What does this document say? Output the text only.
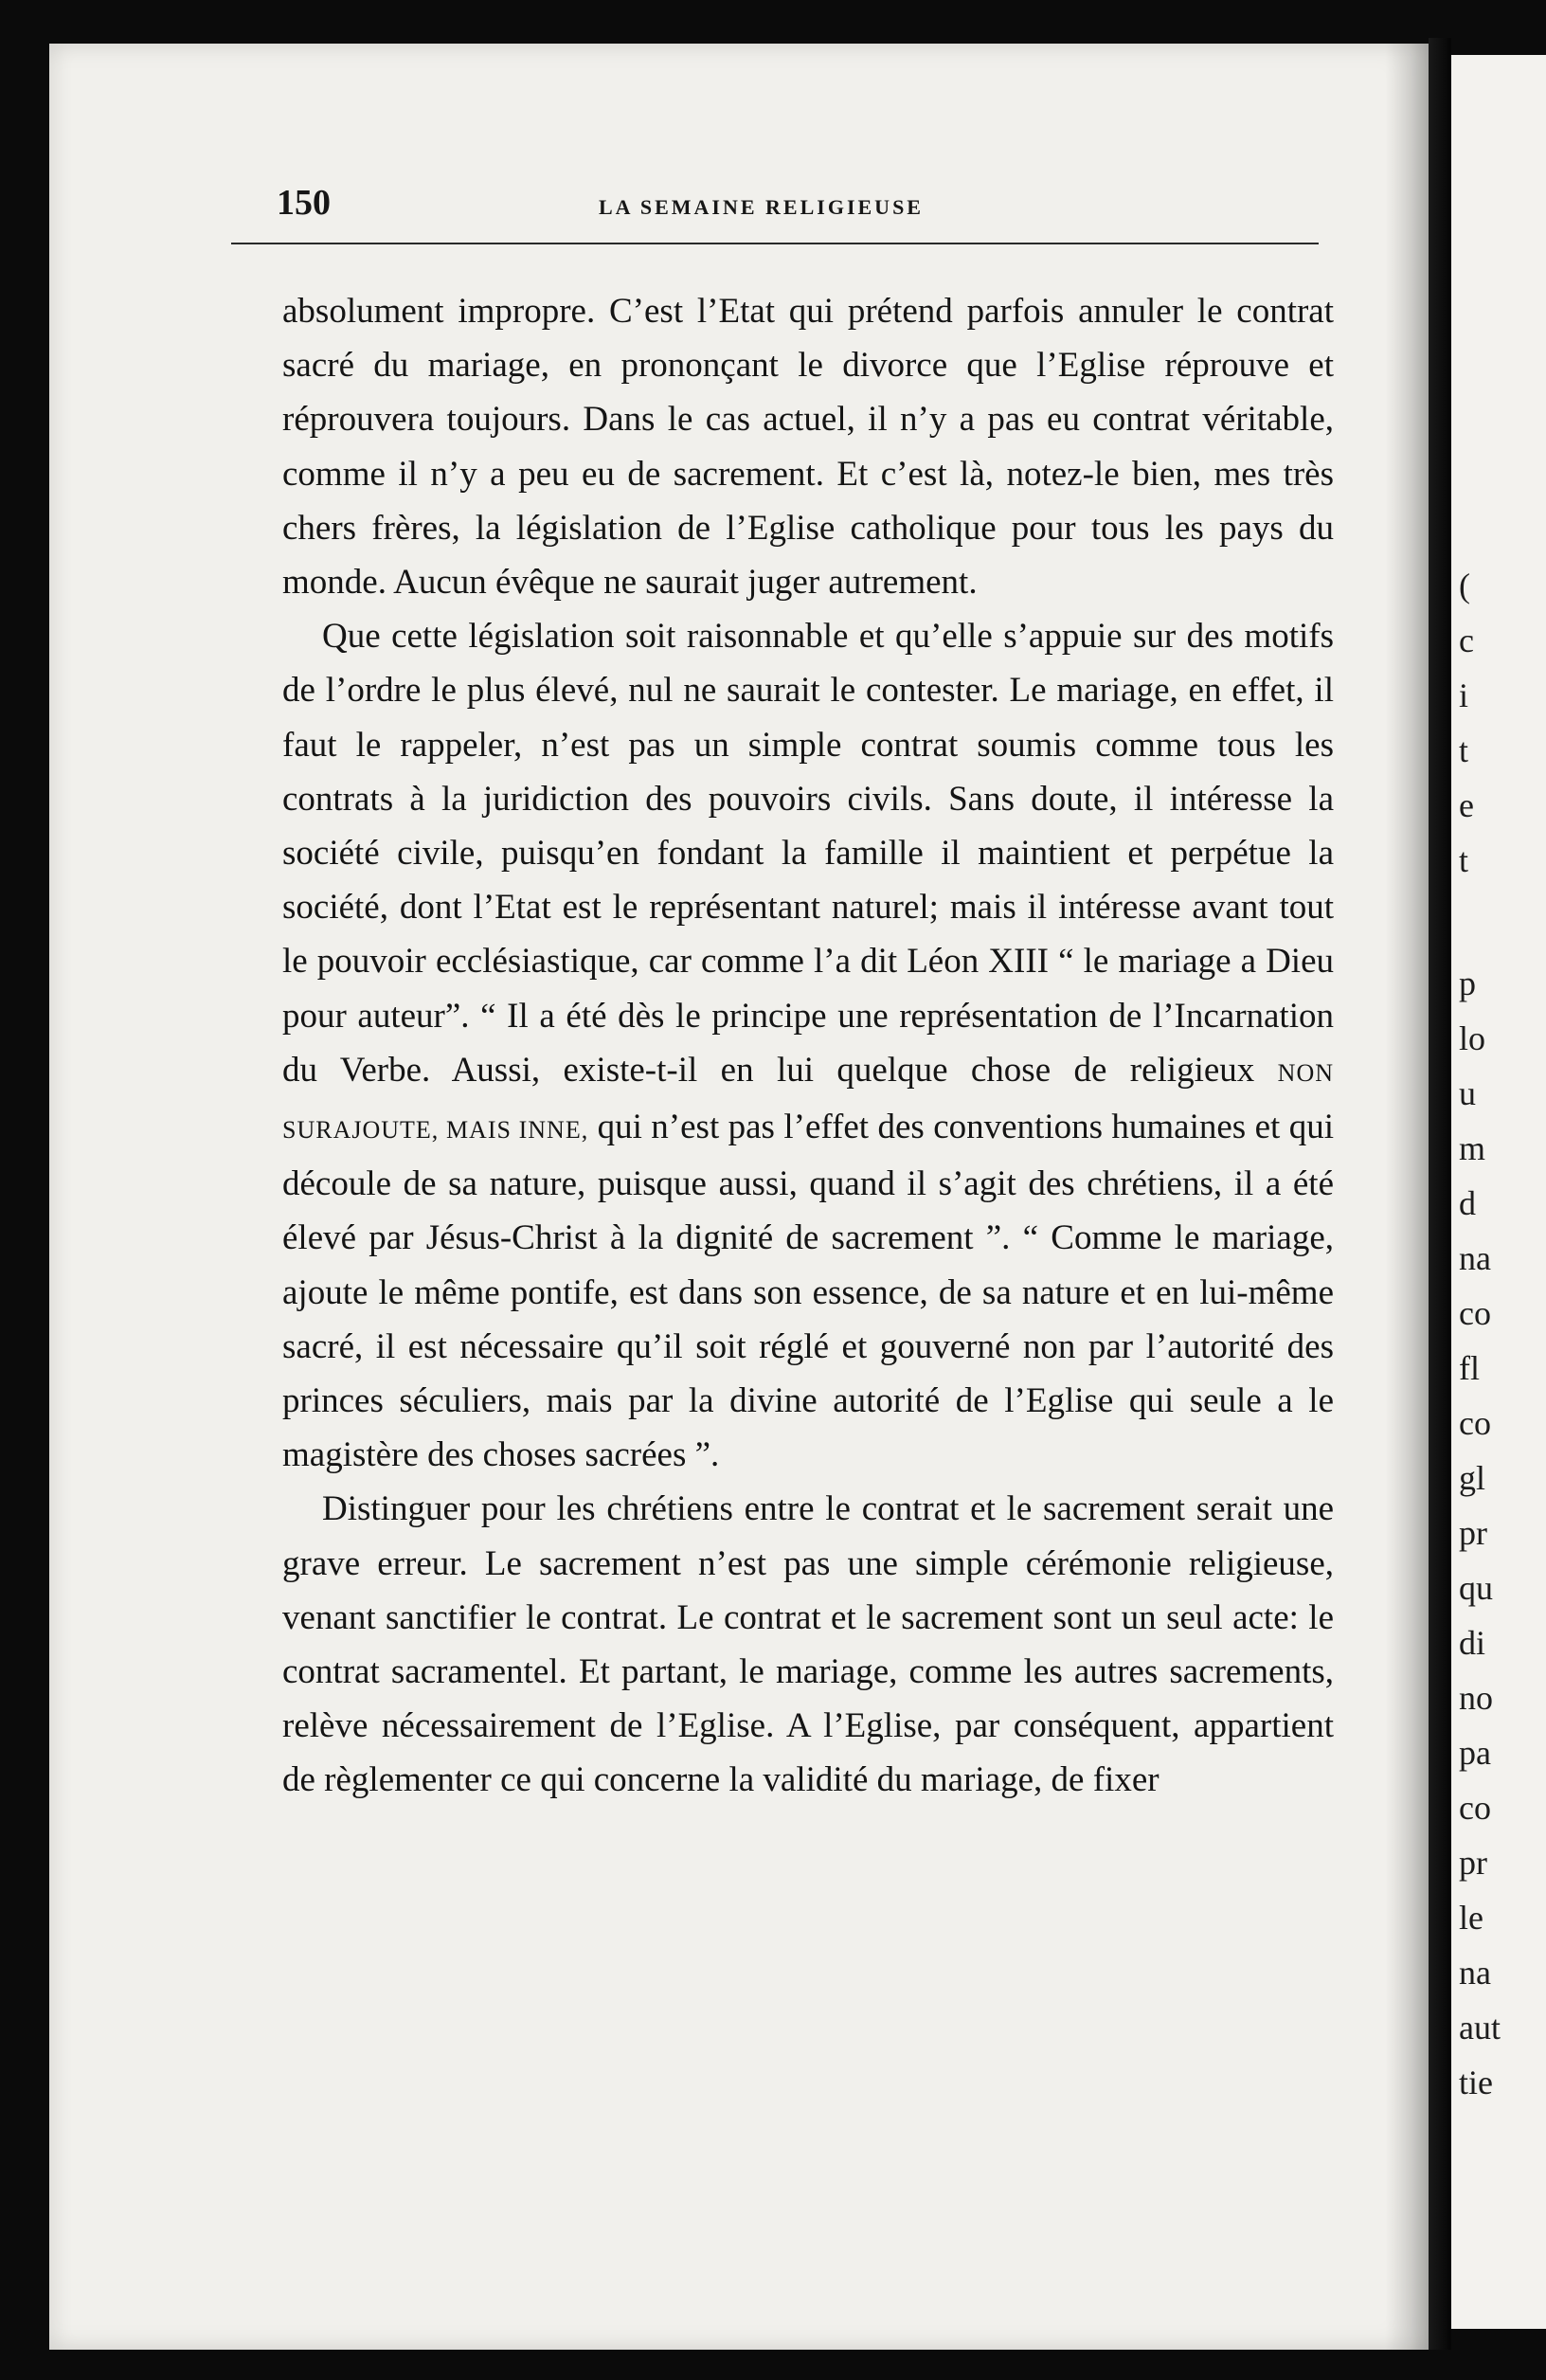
150	LA SEMAINE RELIGIEUSE

absolument impropre. C’est l’Etat qui prétend parfois annuler le contrat sacré du mariage, en prononçant le divorce que l’Eglise réprouve et réprouvera toujours. Dans le cas actuel, il n’y a pas eu contrat véritable, comme il n’y a peu eu de sacrement. Et c’est là, notez-le bien, mes très chers frères, la législation de l’Eglise catholique pour tous les pays du monde. Aucun évêque ne saurait juger autrement.

Que cette législation soit raisonnable et qu’elle s’appuie sur des motifs de l’ordre le plus élevé, nul ne saurait le contester. Le mariage, en effet, il faut le rappeler, n’est pas un simple contrat soumis comme tous les contrats à la juridiction des pouvoirs civils. Sans doute, il intéresse la société civile, puisqu’en fondant la famille il maintient et perpétue la société, dont l’Etat est le représentant naturel; mais il intéresse avant tout le pouvoir ecclésiastique, car comme l’a dit Léon XIII “ le mariage a Dieu pour auteur”. “ Il a été dès le principe une représentation de l’Incarnation du Verbe. Aussi, existe-t-il en lui quelque chose de religieux NON SURAJOUTE, MAIS INNE, qui n’est pas l’effet des conventions humaines et qui découle de sa nature, puisque aussi, quand il s’agit des chrétiens, il a été élevé par Jésus-Christ à la dignité de sacrement ”. “ Comme le mariage, ajoute le même pontife, est dans son essence, de sa nature et en lui-même sacré, il est nécessaire qu’il soit réglé et gouverné non par l’autorité des princes séculiers, mais par la divine autorité de l’Eglise qui seule a le magistère des choses sacrées ”.

Distinguer pour les chrétiens entre le contrat et le sacrement serait une grave erreur. Le sacrement n’est pas une simple cérémonie religieuse, venant sanctifier le contrat. Le contrat et le sacrement sont un seul acte: le contrat sacramentel. Et partant, le mariage, comme les autres sacrements, relève nécessairement de l’Eglise. A l’Eglise, par conséquent, appartient de règlementer ce qui concerne la validité du mariage, de fixer

(
c
i
t
e
t
p
lo
u
m
d
na
co
fl
co
gl
pr
qu
di
no
pa
co
pr
le
na
aut
tie
